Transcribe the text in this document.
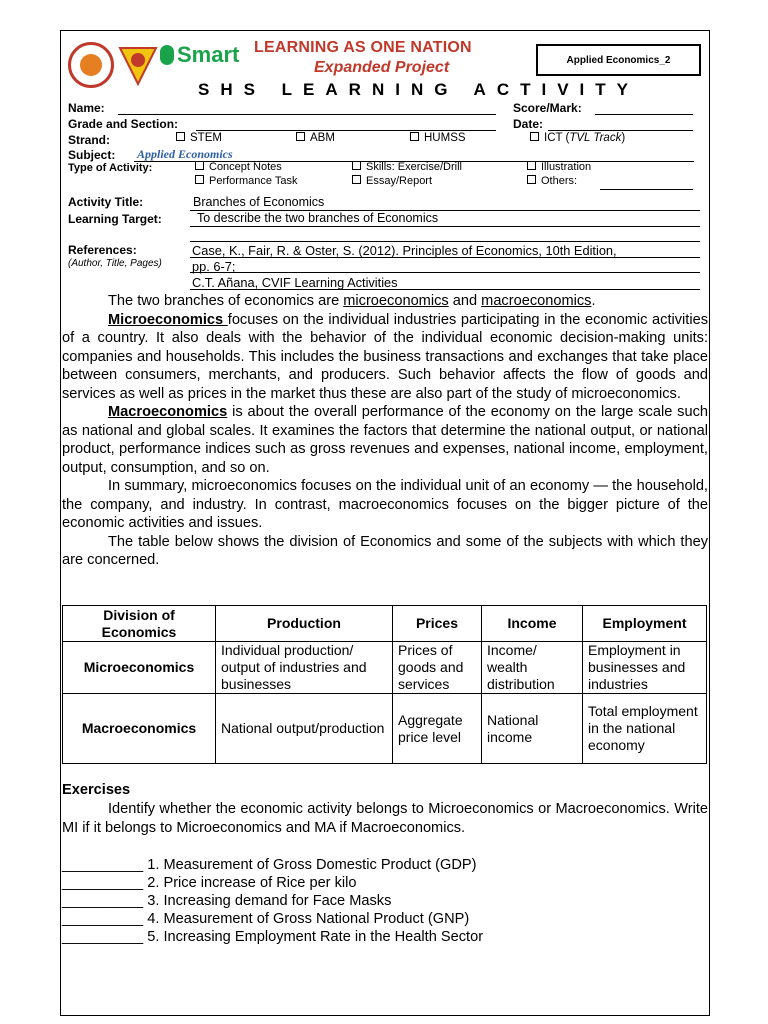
Smart LEARNING AS ONE NATION
Expanded Project	Applied Economics_2
SHS LEARNING ACTIVITY
Name:	Score/Mark:
Grade and Section:	Date:
Strand:	STEM	ABM	HUMSS	ICT (TVL Track)
Subject: Applied Economics
Type of Activity:	Concept Notes	Skills: Exercise/Drill	Illustration
Performance Task	Essay/Report	Others:
Activity Title:	Branches of Economics
Learning Target:	To describe the two branches of Economics
References:
(Author, Title, Pages)
Case, K., Fair, R. & Oster, S. (2012). Principles of Economics, 10th Edition,
pp. 6-7;
C.T. Añana, CVIF Learning Activities

The two branches of economics are microeconomics and macroeconomics.

Microeconomics focuses on the individual industries participating in the economic activities of a country. It also deals with the behavior of the individual economic decision-making units: companies and households. This includes the business transactions and exchanges that take place between consumers, merchants, and producers. Such behavior affects the flow of goods and services as well as prices in the market thus these are also part of the study of microeconomics.

Macroeconomics is about the overall performance of the economy on the large scale such as national and global scales. It examines the factors that determine the national output, or national product, performance indices such as gross revenues and expenses, national income, employment, output, consumption, and so on.

In summary, microeconomics focuses on the individual unit of an economy — the household, the company, and industry. In contrast, macroeconomics focuses on the bigger picture of the economic activities and issues.

The table below shows the division of Economics and some of the subjects with which they are concerned.

Division of Economics	Production	Prices	Income	Employment
Microeconomics	Individual production/ output of industries and businesses	Prices of goods and services	Income/ wealth distribution	Employment in businesses and industries
Macroeconomics	National output/production	Aggregate price level	National income	Total employment in the national economy
Exercises

Identify whether the economic activity belongs to Microeconomics or Macroeconomics. Write MI if it belongs to Microeconomics and MA if Macroeconomics.

__________ 1. Measurement of Gross Domestic Product (GDP)
__________ 2. Price increase of Rice per kilo
__________ 3. Increasing demand for Face Masks
__________ 4. Measurement of Gross National Product (GNP)
__________ 5. Increasing Employment Rate in the Health Sector
